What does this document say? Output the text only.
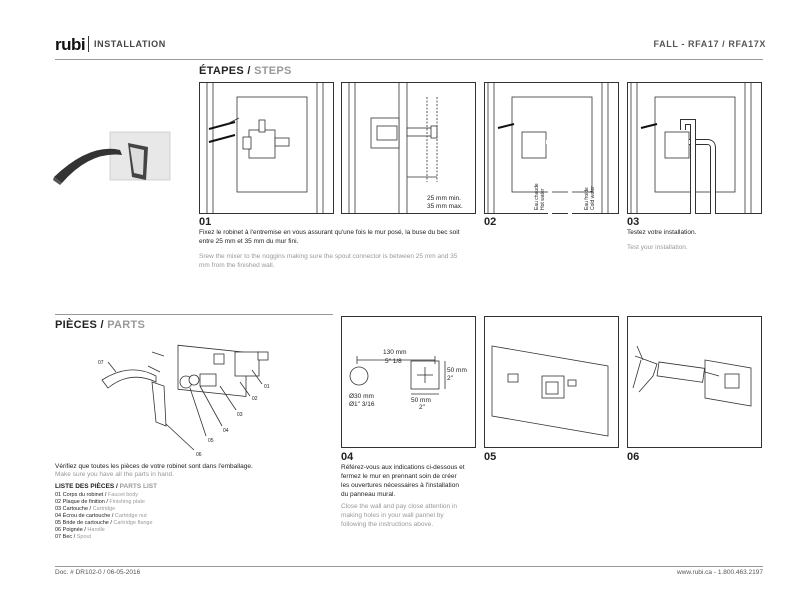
rubi INSTALLATION	FALL - RFA17 / RFA17X
ÉTAPES / STEPS
01
Fixez le robinet à l'entremise en vous assurant qu'une fois le mur posé, la buse du bec soit entre 25 mm et 35 mm du mur fini.
Srew the mixer to the noggins making sure the spout connector is between 25 mm and 35 mm from the finished wall.
25 mm min.
35 mm max.	Eau chaude Hot water	Eau froide Cold water
02	03
Testez votre installation.
Test your installation.
PIÈCES / PARTS
01
02
03
04
05
06
07
Vérifiez que toutes les pièces de votre robinet sont dans l'emballage.
Make sure you have all the parts in hand.
LISTE DES PIÈCES / PARTS LIST
01 Corps du robinet / Faucet body
02 Plaque de finition / Finishing plate
03 Cartouche / Cartridge
04 Écrou de cartouche / Cartridge nut
05 Bride de cartouche / Cartridge flange
06 Poignée / Handle
07 Bec / Spout
130 mm
5" 1/8
50 mm
2"
50 mm
2"
Ø30 mm
Ø1" 3/16
04
Référez-vous aux indications ci-dessous et fermez le mur en prennant soin de créer les ouvertures nécessaires à l'installation du panneau mural.
Close the wall and pay close attention in making holes in your wall pannel by following the instructions above.
05	06
Doc. # DR102-0 / 06-05-2016	www.rubi.ca - 1.800.463.2197
